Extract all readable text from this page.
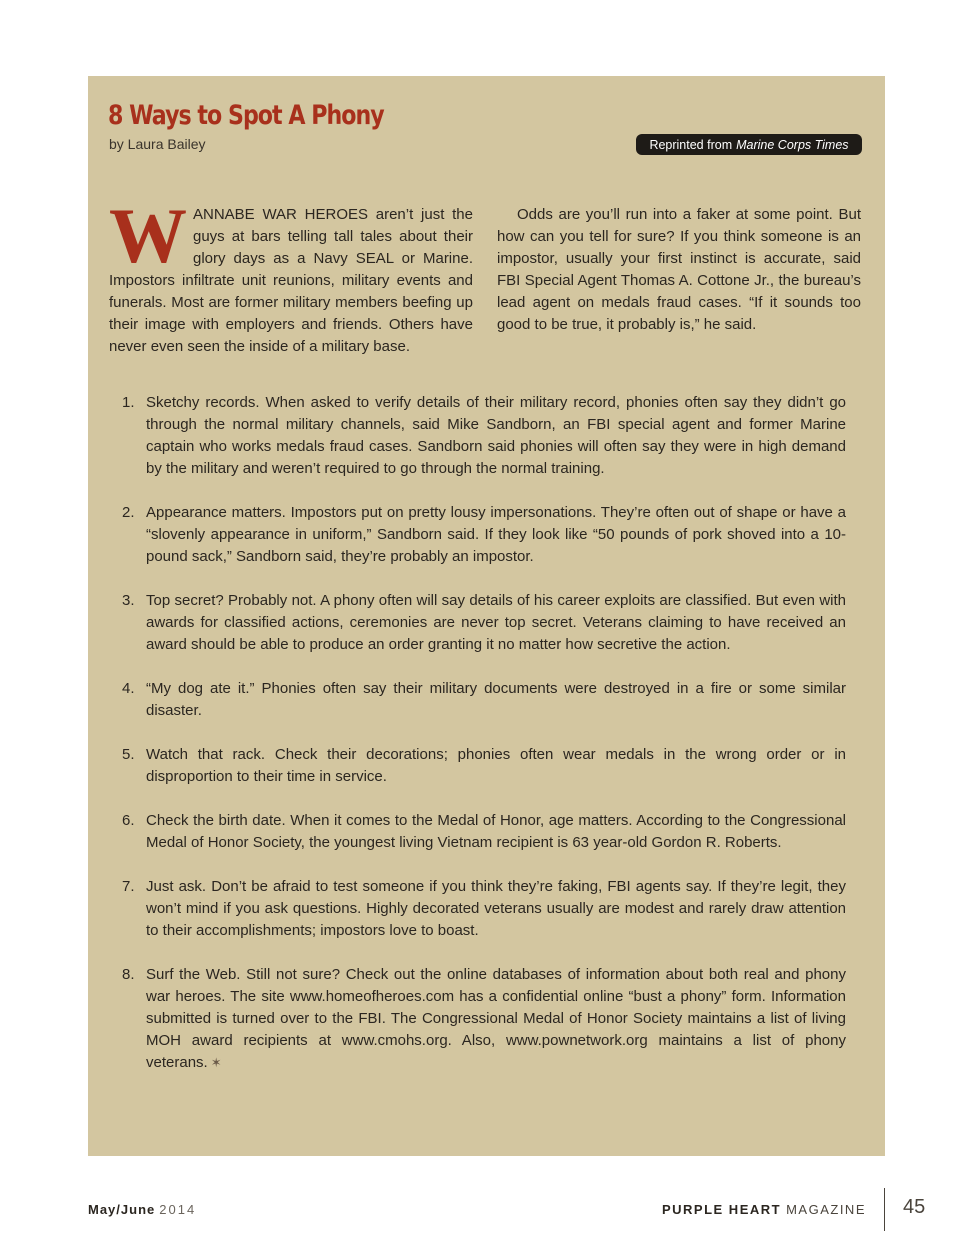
8 Ways to Spot A Phony
by Laura Bailey	Reprinted from Marine Corps Times

WANNABE WAR HEROES aren’t just the guys at bars telling tall tales about their glory days as a Navy SEAL or Marine. Impostors infiltrate unit reunions, military events and funerals. Most are former military members beefing up their image with employers and friends. Others have never even seen the inside of a military base.

Odds are you’ll run into a faker at some point. But how can you tell for sure? If you think someone is an impostor, usually your first instinct is accurate, said FBI Special Agent Thomas A. Cottone Jr., the bureau’s lead agent on medals fraud cases. “If it sounds too good to be true, it probably is,” he said.

1. Sketchy records. When asked to verify details of their military record, phonies often say they didn’t go through the normal military channels, said Mike Sandborn, an FBI special agent and former Marine captain who works medals fraud cases. Sandborn said phonies will often say they were in high demand by the military and weren’t required to go through the normal training.
2. Appearance matters. Impostors put on pretty lousy impersonations. They’re often out of shape or have a “slovenly appearance in uniform,” Sandborn said. If they look like “50 pounds of pork shoved into a 10-pound sack,” Sandborn said, they’re probably an impostor.
3. Top secret? Probably not. A phony often will say details of his career exploits are classified. But even with awards for classified actions, ceremonies are never top secret. Veterans claiming to have received an award should be able to produce an order granting it no matter how secretive the action.
4. “My dog ate it.” Phonies often say their military documents were destroyed in a fire or some similar disaster.
5. Watch that rack. Check their decorations; phonies often wear medals in the wrong order or in disproportion to their time in service.
6. Check the birth date. When it comes to the Medal of Honor, age matters. According to the Congressional Medal of Honor Society, the youngest living Vietnam recipient is 63 year-old Gordon R. Roberts.
7. Just ask. Don’t be afraid to test someone if you think they’re faking, FBI agents say. If they’re legit, they won’t mind if you ask questions. Highly decorated veterans usually are modest and rarely draw attention to their accomplishments; impostors love to boast.
8. Surf the Web. Still not sure? Check out the online databases of information about both real and phony war heroes. The site www.homeofheroes.com has a confidential online “bust a phony” form. Information submitted is turned over to the FBI. The Congressional Medal of Honor Society maintains a list of living MOH award recipients at www.cmohs.org. Also, www.pownetwork.org maintains a list of phony veterans. ✶
May/June 2014	PURPLE HEART MAGAZINE 45
